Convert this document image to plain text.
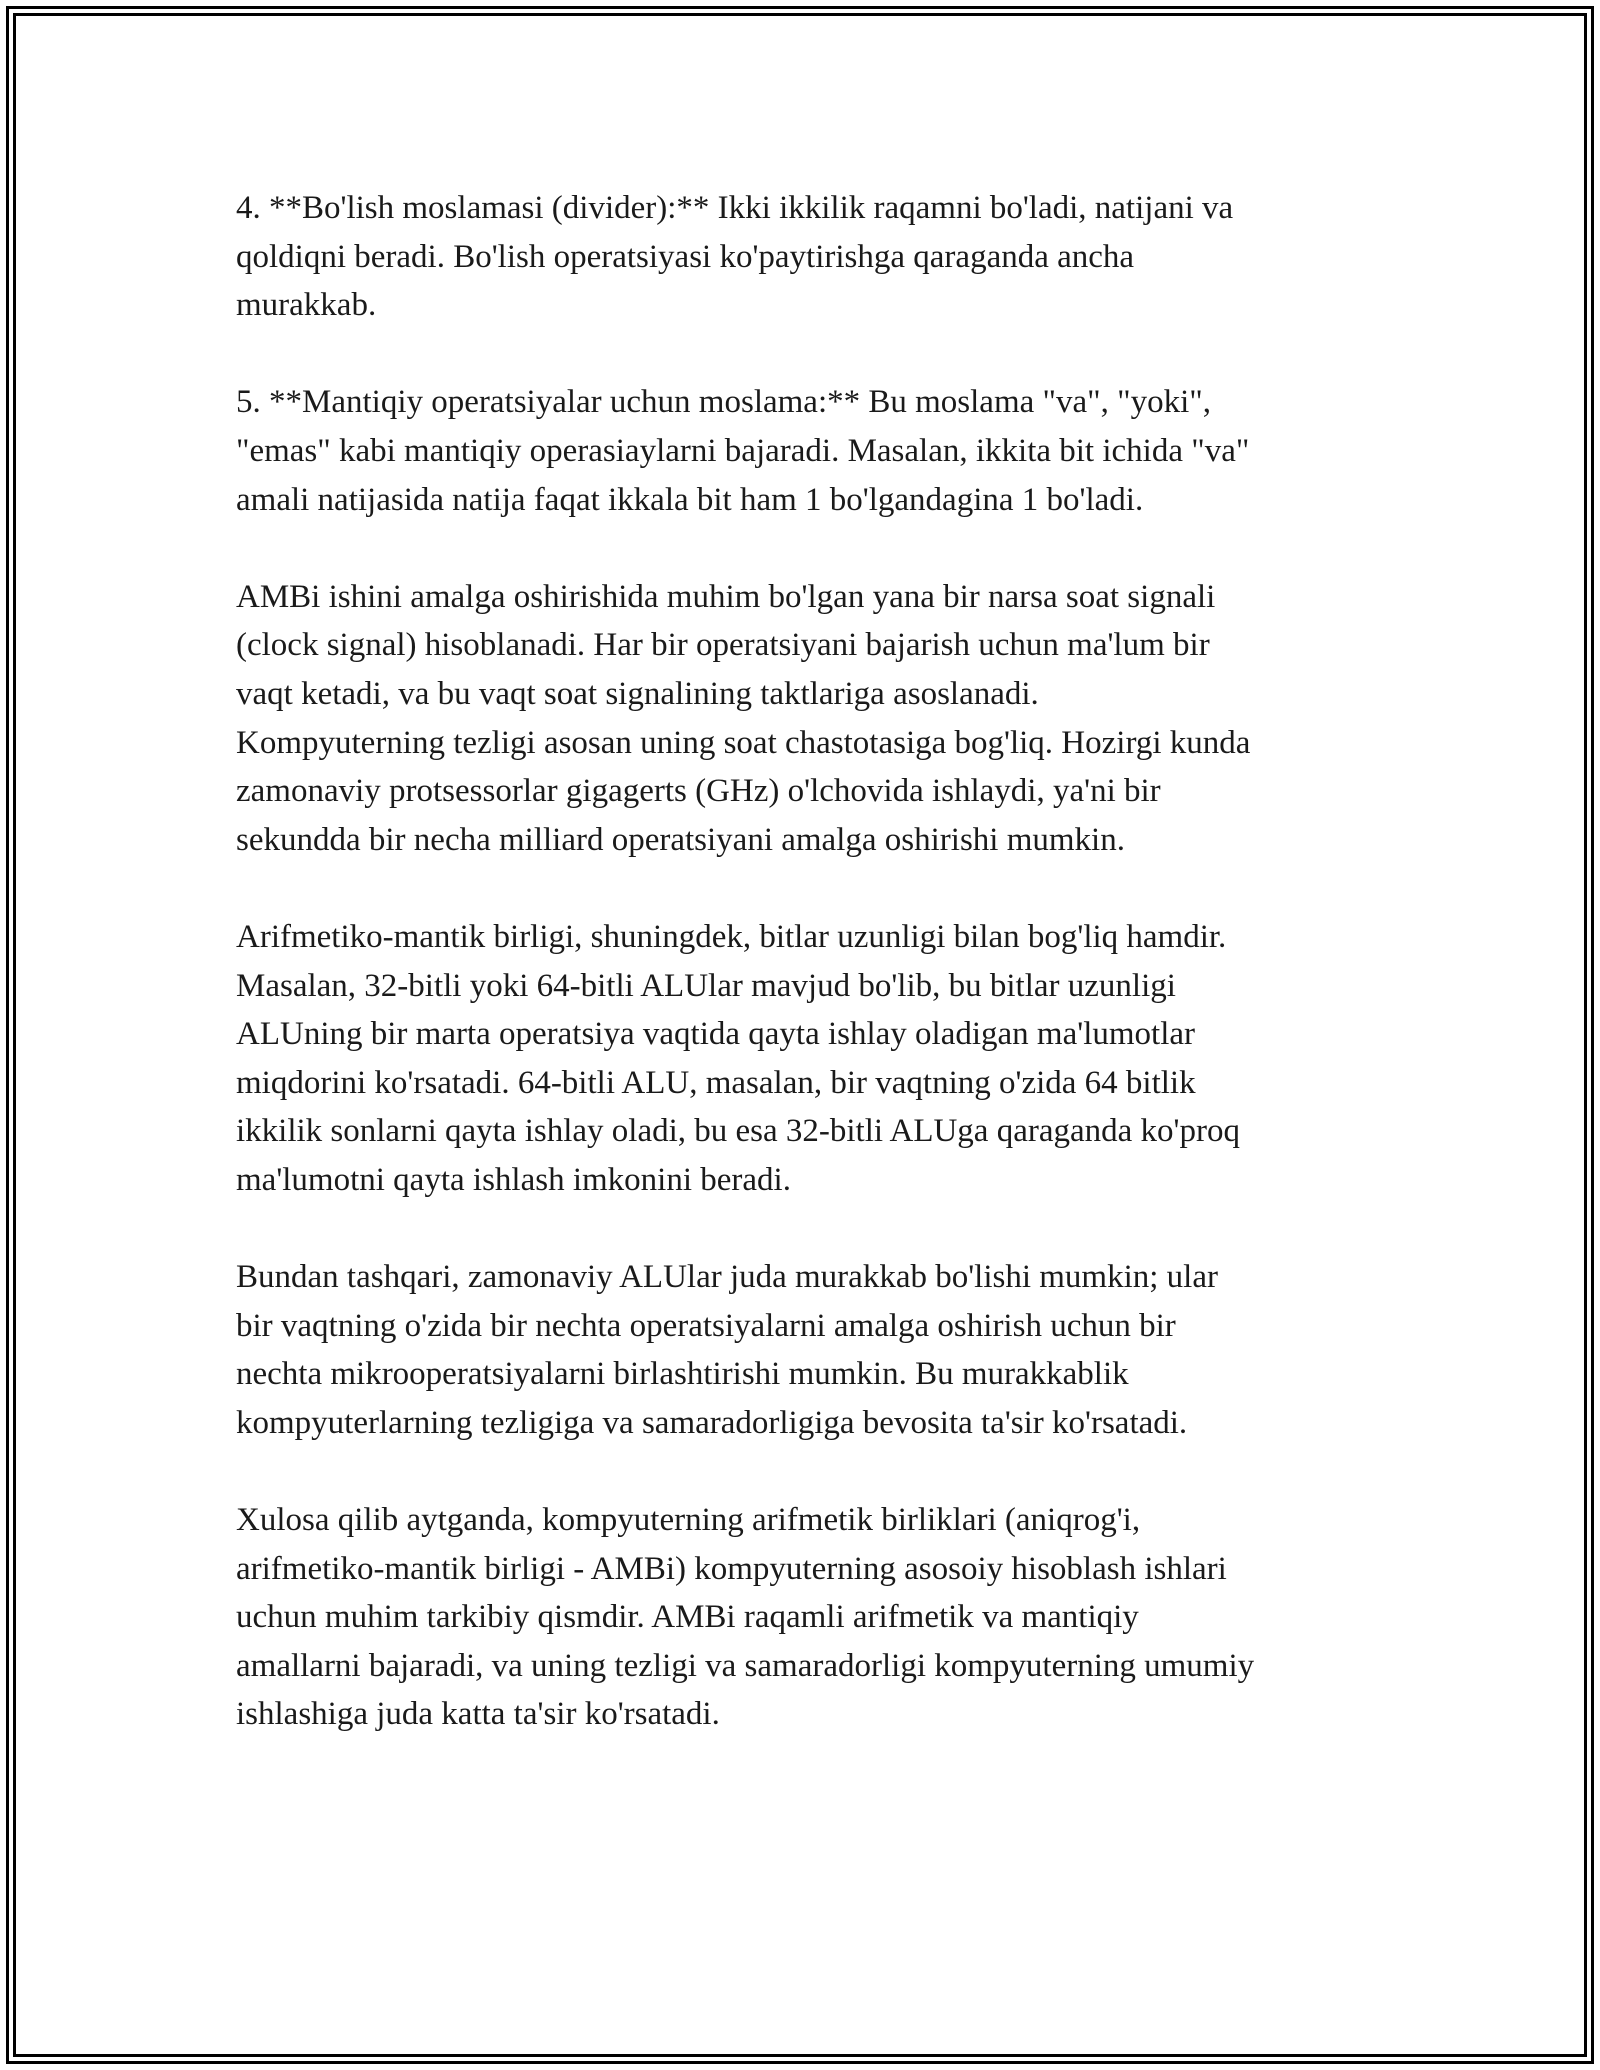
4. **Bo'lish moslamasi (divider):** Ikki ikkilik raqamni bo'ladi, natijani va
qoldiqni beradi. Bo'lish operatsiyasi ko'paytirishga qaraganda ancha
murakkab.

5. **Mantiqiy operatsiyalar uchun moslama:** Bu moslama "va", "yoki",
"emas" kabi mantiqiy operasiaylarni bajaradi. Masalan, ikkita bit ichida "va"
amali natijasida natija faqat ikkala bit ham 1 bo'lgandagina 1 bo'ladi.

AMBi ishini amalga oshirishida muhim bo'lgan yana bir narsa soat signali
(clock signal) hisoblanadi. Har bir operatsiyani bajarish uchun ma'lum bir
vaqt ketadi, va bu vaqt soat signalining taktlariga asoslanadi.
Kompyuterning tezligi asosan uning soat chastotasiga bog'liq. Hozirgi kunda
zamonaviy protsessorlar gigagerts (GHz) o'lchovida ishlaydi, ya'ni bir
sekundda bir necha milliard operatsiyani amalga oshirishi mumkin.

Arifmetiko-mantik birligi, shuningdek, bitlar uzunligi bilan bog'liq hamdir.
Masalan, 32-bitli yoki 64-bitli ALUlar mavjud bo'lib, bu bitlar uzunligi
ALUning bir marta operatsiya vaqtida qayta ishlay oladigan ma'lumotlar
miqdorini ko'rsatadi. 64-bitli ALU, masalan, bir vaqtning o'zida 64 bitlik
ikkilik sonlarni qayta ishlay oladi, bu esa 32-bitli ALUga qaraganda ko'proq
ma'lumotni qayta ishlash imkonini beradi.

Bundan tashqari, zamonaviy ALUlar juda murakkab bo'lishi mumkin; ular
bir vaqtning o'zida bir nechta operatsiyalarni amalga oshirish uchun bir
nechta mikrooperatsiyalarni birlashtirishi mumkin. Bu murakkablik
kompyuterlarning tezligiga va samaradorligiga bevosita ta'sir ko'rsatadi.

Xulosa qilib aytganda, kompyuterning arifmetik birliklari (aniqrog'i,
arifmetiko-mantik birligi - AMBi) kompyuterning asosoiy hisoblash ishlari
uchun muhim tarkibiy qismdir. AMBi raqamli arifmetik va mantiqiy
amallarni bajaradi, va uning tezligi va samaradorligi kompyuterning umumiy
ishlashiga juda katta ta'sir ko'rsatadi.
